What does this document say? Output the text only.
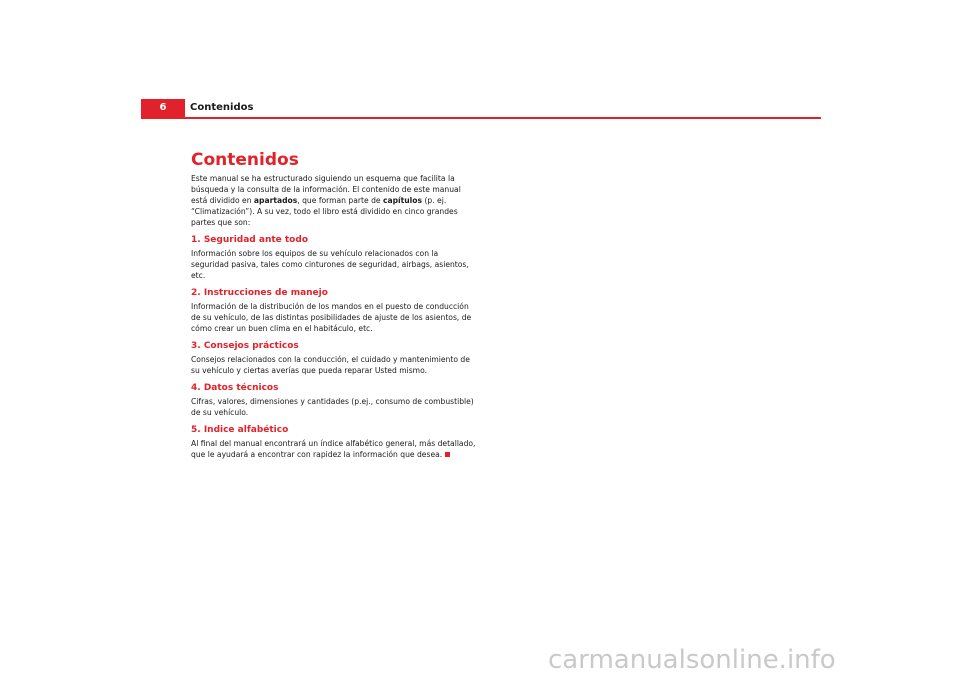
6	Contenidos
Contenidos

Este manual se ha estructurado siguiendo un esquema que facilita la búsqueda y la consulta de la información. El contenido de este manual está dividido en apartados, que forman parte de capítulos (p. ej. “Climatización”). A su vez, todo el libro está dividido en cinco grandes partes que son:

1. Seguridad ante todo

Información sobre los equipos de su vehículo relacionados con la seguridad pasiva, tales como cinturones de seguridad, airbags, asientos, etc.

2. Instrucciones de manejo

Información de la distribución de los mandos en el puesto de conducción de su vehículo, de las distintas posibilidades de ajuste de los asientos, de cómo crear un buen clima en el habitáculo, etc.

3. Consejos prácticos

Consejos relacionados con la conducción, el cuidado y mantenimiento de su vehículo y ciertas averías que pueda reparar Usted mismo.

4. Datos técnicos

Cifras, valores, dimensiones y cantidades (p.ej., consumo de combustible) de su vehículo.

5. Indice alfabético

Al final del manual encontrará un índice alfabético general, más detallado, que le ayudará a encontrar con rapidez la información que desea.

carmanualsonline.info
